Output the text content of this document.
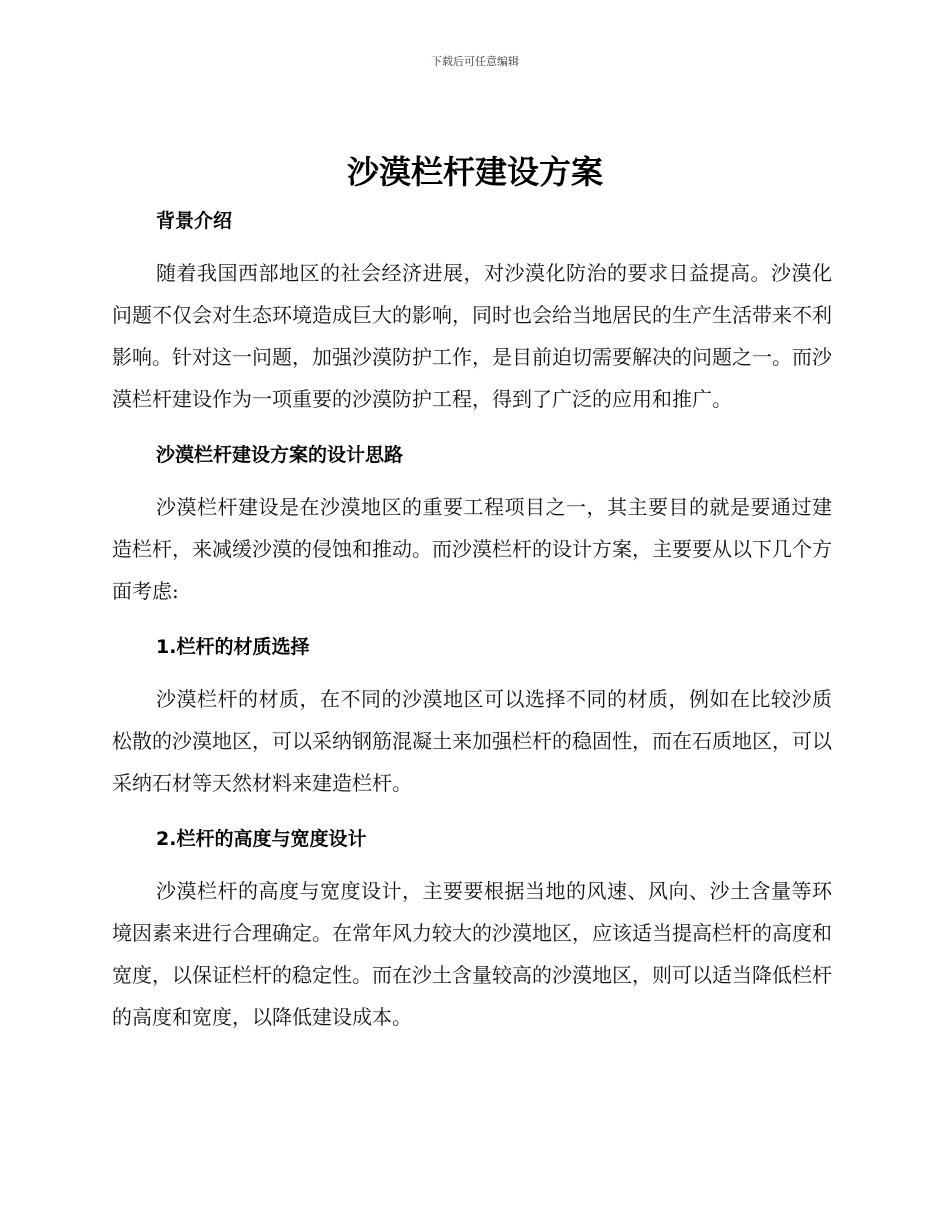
下载后可任意编辑
沙漠栏杆建设方案
背景介绍

随着我国西部地区的社会经济进展，对沙漠化防治的要求日益提高。沙漠化问题不仅会对生态环境造成巨大的影响，同时也会给当地居民的生产生活带来不利影响。针对这一问题，加强沙漠防护工作，是目前迫切需要解决的问题之一。而沙漠栏杆建设作为一项重要的沙漠防护工程，得到了广泛的应用和推广。

沙漠栏杆建设方案的设计思路

沙漠栏杆建设是在沙漠地区的重要工程项目之一，其主要目的就是要通过建造栏杆，来减缓沙漠的侵蚀和推动。而沙漠栏杆的设计方案，主要要从以下几个方面考虑:

1.栏杆的材质选择

沙漠栏杆的材质，在不同的沙漠地区可以选择不同的材质，例如在比较沙质松散的沙漠地区，可以采纳钢筋混凝土来加强栏杆的稳固性，而在石质地区，可以采纳石材等天然材料来建造栏杆。

2.栏杆的高度与宽度设计

沙漠栏杆的高度与宽度设计，主要要根据当地的风速、风向、沙土含量等环境因素来进行合理确定。在常年风力较大的沙漠地区，应该适当提高栏杆的高度和宽度，以保证栏杆的稳定性。而在沙土含量较高的沙漠地区，则可以适当降低栏杆的高度和宽度，以降低建设成本。
